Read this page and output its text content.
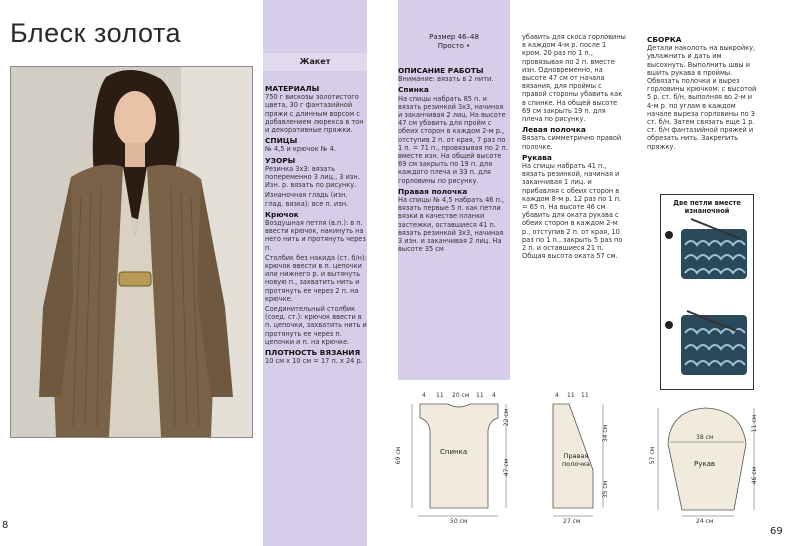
Блеск золота
8
Жакет
МАТЕРИАЛЫ

750 г вискозы золотистого цвета, 30 г фантазийной пряжи с длинным ворсом с добавлением люрекса в тон и декоративные пряжки.

СПИЦЫ

№ 4,5 и крючок № 4.

УЗОРЫ

Резинка 3х3: вязать попеременно 3 лиц., 3 изн. Изн. р. вязать по рисунку.

Изнаночная гладь (изн. глад. вязка): все п. изн.

Крючок

Воздушная петля (в.п.): в п. ввести крючок, накинуть на него нить и протянуть через п.

Столбик без накида (ст. б/н): крючок ввести в п. цепочки или нижнего р. и вытянуть новую п., захватить нить и протянуть ее через 2 п. на крючке.

Соединительный столбик (соед. ст.): крючок ввести в п. цепочки, захватить нить и протянуть ее через п. цепочки и п. на крючке.

ПЛОТНОСТЬ ВЯЗАНИЯ

10 см х 10 см = 17 п. х 24 р.

Размер 46–48
Просто •
ОПИСАНИЕ РАБОТЫ

Внимание: вязать в 2 нити.

Спинка

На спицы набрать 85 п. и вязать резинкой 3х3, начиная и заканчивая 2 лиц. На высоте 47 см убавить для пройм с обеих сторон в каждом 2-м р., отступив 2 п. от края, 7 раз по 1 п. = 71 п., провязывая по 2 п. вместе изн. На общей высоте 69 см закрыть по 19 п. для каждого плеча и 33 п. для горловины по рисунку.

Правая полочка

На спицы № 4,5 набрать 46 п., вязать первые 5 п. как петли вязки в качестве планки застежки, оставшиеся 41 п. вязать резинкой 3х3, начиная 3 изн. и заканчивая 2 лиц. На высоте 35 см

убавить для скоса горловины в каждом 4-м р. после 1 кром. 20 раз по 1 п., провязывая по 2 п. вместе изн. Одновременно, на высоте 47 см от начала вязания, для проймы с правой стороны убавить как в спинке. На общей высоте 69 см закрыть 19 п. для плеча по рисунку.

Левая полочка

Вязать симметрично правой полочке.

Рукава

На спицы набрать 41 п., вязать резинкой, начиная и заканчивая 1 лиц. и прибавляя с обеих сторон в каждом 8-м р. 12 раз по 1 п. = 65 п. На высоте 46 см убавить для оката рукава с обеих сторон в каждом 2-м р., отступив 2 п. от края, 10 раз по 1 п., закрыть 5 раз по 2 п. и оставшиеся 21 п. Общая высота оката 57 см.

СБОРКА

Детали наколоть на выкройку, увлажнить и дать им высохнуть. Выполнить швы и вшить рукава в проймы. Обвязать полочки и вырез горловины крючком: с высотой 5 р. ст. б/н, выполняя во 2-м и 4-м р. по углам в каждом начале выреза горловины по 3 ст. б/н. Затем связать еще 1 р. ст. б/н фантазийной пряжей и обрезать нить. Закрепить пряжку.

Две петли вместе изнаночной
4 11 20 см 11 4
Спинка
50 см
69 см
22 см
47 см
4 11 11
Правая полочка
27 см
34 см
35 см
38 см
Рукав
24 см
57 см
11 см
46 см
69
